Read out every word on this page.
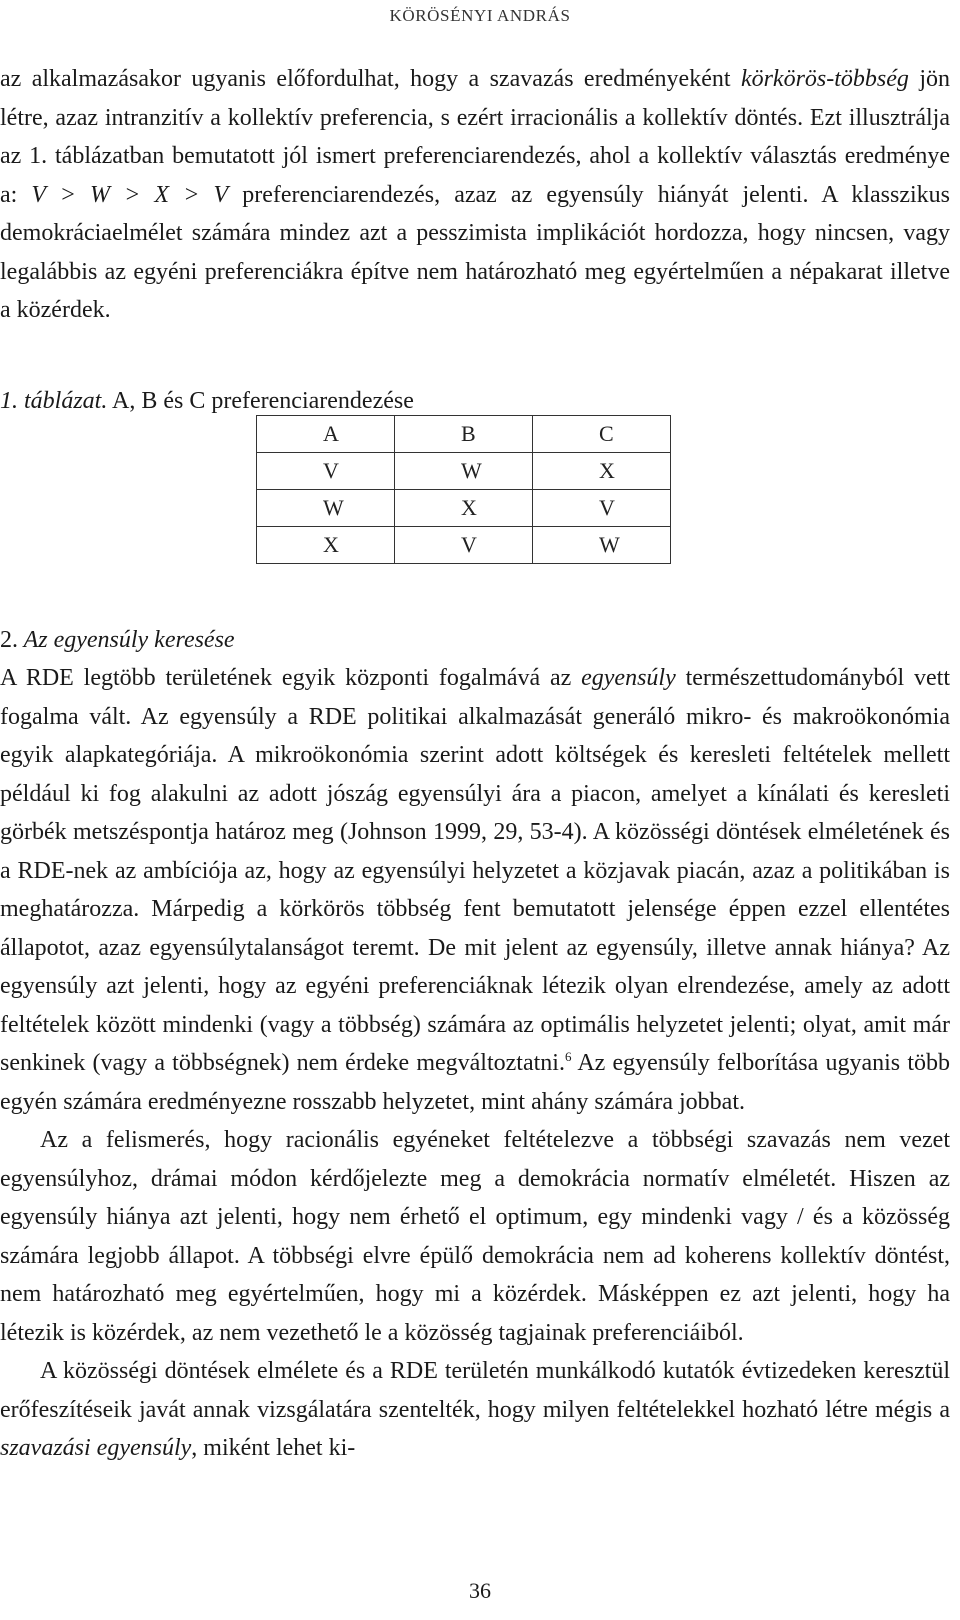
KÖRÖSÉNYI ANDRÁS

az alkalmazásakor ugyanis előfordulhat, hogy a szavazás eredményeként körkörös-többség jön létre, azaz intranzitív a kollektív preferencia, s ezért irracionális a kollektív döntés. Ezt illusztrálja az 1. táblázatban bemutatott jól ismert preferenciarendezés, ahol a kollektív választás eredménye a: V > W > X > V preferenciarendezés, azaz az egyensúly hiányát jelenti. A klasszikus demokráciaelmélet számára mindez azt a pesszimista implikációt hordozza, hogy nincsen, vagy legalábbis az egyéni preferenciákra építve nem határozható meg egyértelműen a népakarat illetve a közérdek.

1. táblázat. A, B és C preferenciarendezése
A	B	C
V	W	X
W	X	V
X	V	W
2. Az egyensúly keresése

A RDE legtöbb területének egyik központi fogalmává az egyensúly természettudományból vett fogalma vált. Az egyensúly a RDE politikai alkalmazását generáló mikro- és makroökonómia egyik alapkategóriája. A mikroökonómia szerint adott költségek és keresleti feltételek mellett például ki fog alakulni az adott jószág egyensúlyi ára a piacon, amelyet a kínálati és keresleti görbék metszéspontja határoz meg (Johnson 1999, 29, 53-4). A közösségi döntések elméletének és a RDE-nek az ambíciója az, hogy az egyensúlyi helyzetet a közjavak piacán, azaz a politikában is meghatározza. Márpedig a körkörös többség fent bemutatott jelensége éppen ezzel ellentétes állapotot, azaz egyensúlytalanságot teremt. De mit jelent az egyensúly, illetve annak hiánya? Az egyensúly azt jelenti, hogy az egyéni preferenciáknak létezik olyan elrendezése, amely az adott feltételek között mindenki (vagy a többség) számára az optimális helyzetet jelenti; olyat, amit már senkinek (vagy a többségnek) nem érdeke megváltoztatni.$^6$ Az egyensúly felborítása ugyanis több egyén számára eredményezne rosszabb helyzetet, mint ahány számára jobbat.

Az a felismerés, hogy racionális egyéneket feltételezve a többségi szavazás nem vezet egyensúlyhoz, drámai módon kérdőjelezte meg a demokrácia normatív elméletét. Hiszen az egyensúly hiánya azt jelenti, hogy nem érhető el optimum, egy mindenki vagy / és a közösség számára legjobb állapot. A többségi elvre épülő demokrácia nem ad koherens kollektív döntést, nem határozható meg egyértelműen, hogy mi a közérdek. Másképpen ez azt jelenti, hogy ha létezik is közérdek, az nem vezethető le a közösség tagjainak preferenciáiból.

A közösségi döntések elmélete és a RDE területén munkálkodó kutatók évtizedeken keresztül erőfeszítéseik javát annak vizsgálatára szentelték, hogy milyen feltételekkel hozható létre mégis a szavazási egyensúly, miként lehet ki-

36
